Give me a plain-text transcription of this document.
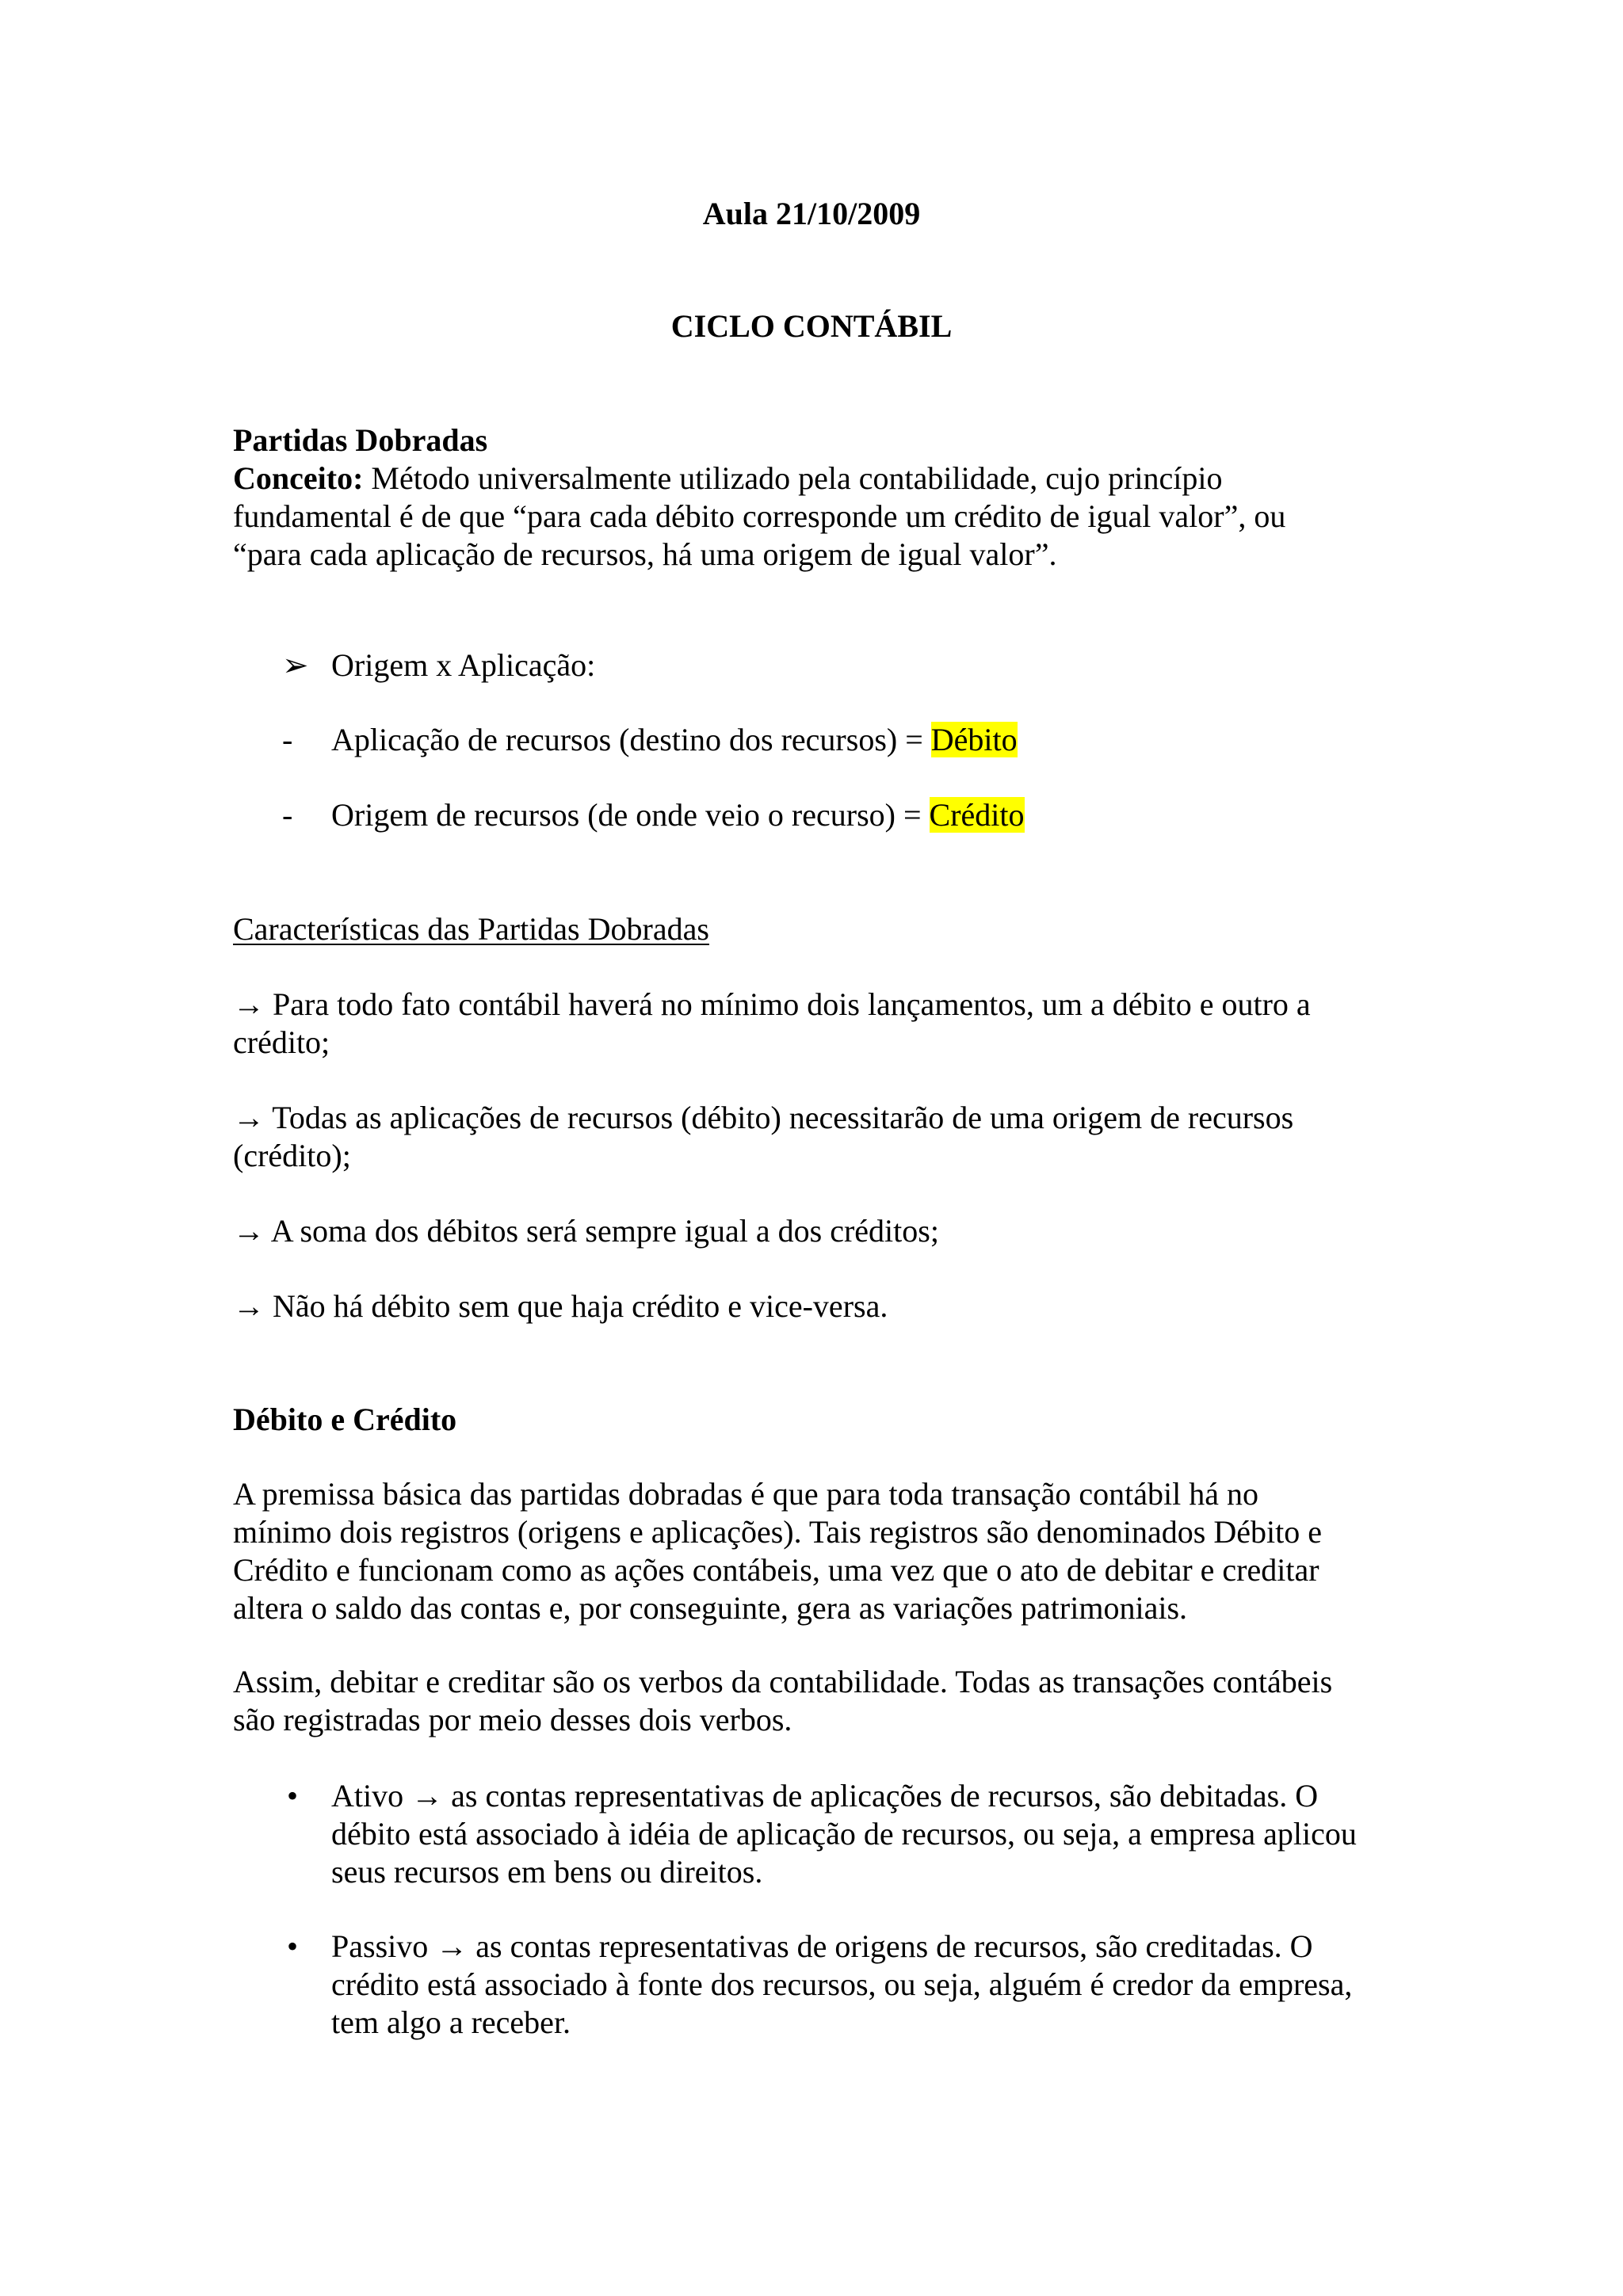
Aula 21/10/2009

CICLO CONTÁBIL

Partidas Dobradas
Conceito: Método universalmente utilizado pela contabilidade, cujo princípio
fundamental é de que “para cada débito corresponde um crédito de igual valor”, ou
“para cada aplicação de recursos, há uma origem de igual valor”.
➢ Origem x Aplicação:
- Aplicação de recursos (destino dos recursos) = Débito
- Origem de recursos (de onde veio o recurso) = Crédito

Características das Partidas Dobradas

→ Para todo fato contábil haverá no mínimo dois lançamentos, um a débito e outro a
crédito;
→ Todas as aplicações de recursos (débito) necessitarão de uma origem de recursos
(crédito);
→ A soma dos débitos será sempre igual a dos créditos;
→ Não há débito sem que haja crédito e vice-versa.

Débito e Crédito

A premissa básica das partidas dobradas é que para toda transação contábil há no
mínimo dois registros (origens e aplicações). Tais registros são denominados Débito e
Crédito e funcionam como as ações contábeis, uma vez que o ato de debitar e creditar
altera o saldo das contas e, por conseguinte, gera as variações patrimoniais.
Assim, debitar e creditar são os verbos da contabilidade. Todas as transações contábeis
são registradas por meio desses dois verbos.
• Ativo → as contas representativas de aplicações de recursos, são debitadas. O
débito está associado à idéia de aplicação de recursos, ou seja, a empresa aplicou
seus recursos em bens ou direitos.
• Passivo → as contas representativas de origens de recursos, são creditadas. O
crédito está associado à fonte dos recursos, ou seja, alguém é credor da empresa,
tem algo a receber.
